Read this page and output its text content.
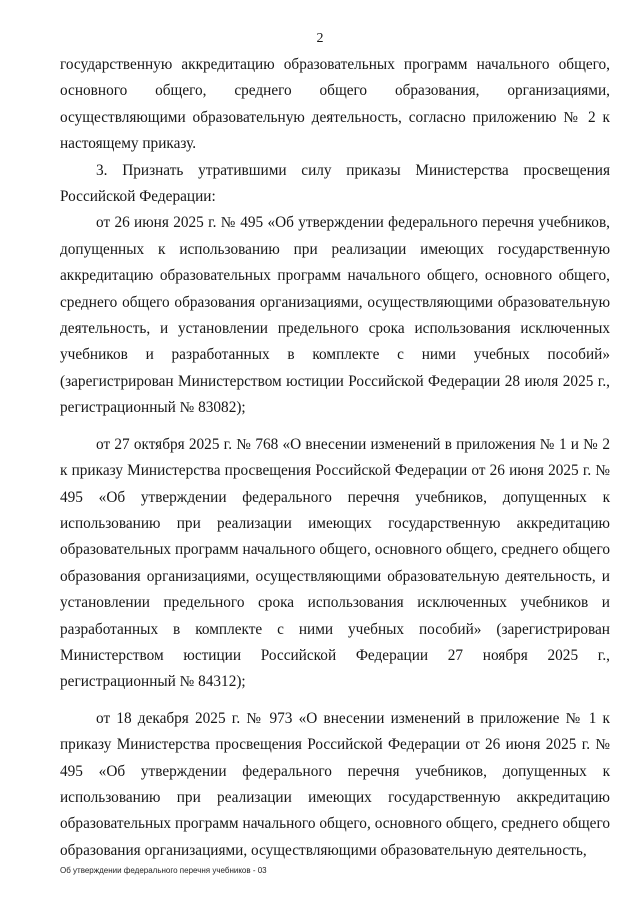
2

государственную аккредитацию образовательных программ начального общего, основного общего, среднего общего образования, организациями, осуществляющими образовательную деятельность, согласно приложению № 2 к настоящему приказу.

3. Признать утратившими силу приказы Министерства просвещения Российской Федерации:

от 26 июня 2025 г. № 495 «Об утверждении федерального перечня учебников, допущенных к использованию при реализации имеющих государственную аккредитацию образовательных программ начального общего, основного общего, среднего общего образования организациями, осуществляющими образовательную деятельность, и установлении предельного срока использования исключенных учебников и разработанных в комплекте с ними учебных пособий» (зарегистрирован Министерством юстиции Российской Федерации 28 июля 2025 г., регистрационный № 83082);

от 27 октября 2025 г. № 768 «О внесении изменений в приложения № 1 и № 2 к приказу Министерства просвещения Российской Федерации от 26 июня 2025 г. № 495 «Об утверждении федерального перечня учебников, допущенных к использованию при реализации имеющих государственную аккредитацию образовательных программ начального общего, основного общего, среднего общего образования организациями, осуществляющими образовательную деятельность, и установлении предельного срока использования исключенных учебников и разработанных в комплекте с ними учебных пособий» (зарегистрирован Министерством юстиции Российской Федерации 27 ноября 2025 г., регистрационный № 84312);

от 18 декабря 2025 г. № 973 «О внесении изменений в приложение № 1 к приказу Министерства просвещения Российской Федерации от 26 июня 2025 г. № 495 «Об утверждении федерального перечня учебников, допущенных к использованию при реализации имеющих государственную аккредитацию образовательных программ начального общего, основного общего, среднего общего образования организациями, осуществляющими образовательную деятельность,

Об утверждении федерального перечня учебников - 03
